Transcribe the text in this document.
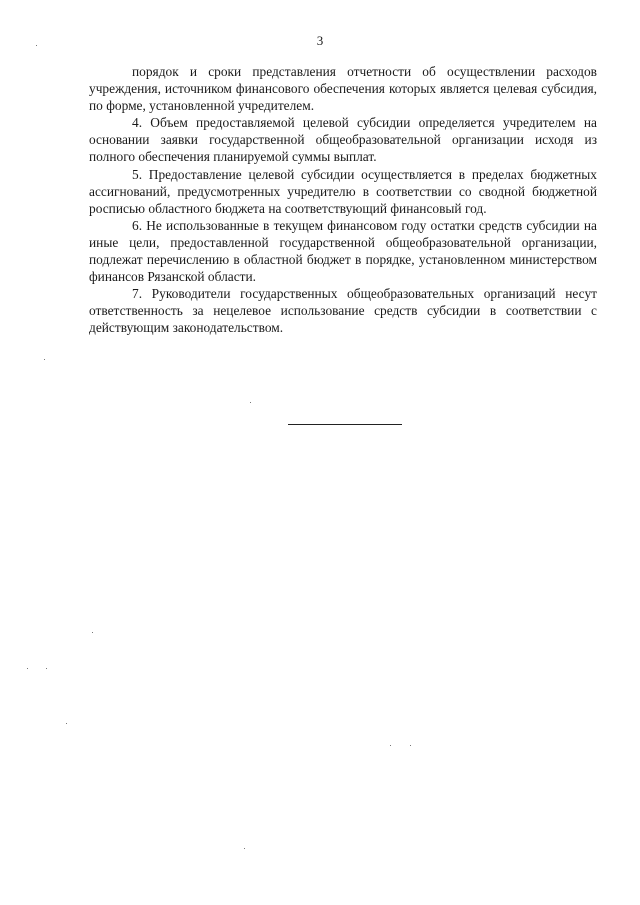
3

порядок и сроки представления отчетности об осуществлении расходов учреждения, источником финансового обеспечения которых является целевая субсидия, по форме, установленной учредителем.

4. Объем предоставляемой целевой субсидии определяется учредителем на основании заявки государственной общеобразовательной организации исходя из полного обеспечения планируемой суммы выплат.

5. Предоставление целевой субсидии осуществляется в пределах бюджетных ассигнований, предусмотренных учредителю в соответствии со сводной бюджетной росписью областного бюджета на соответствующий финансовый год.

6. Не использованные в текущем финансовом году остатки средств субсидии на иные цели, предоставленной государственной общеобразовательной организации, подлежат перечислению в областной бюджет в порядке, установленном министерством финансов Рязанской области.

7. Руководители государственных общеобразовательных организаций несут ответственность за нецелевое использование средств субсидии в соответствии с действующим законодательством.
